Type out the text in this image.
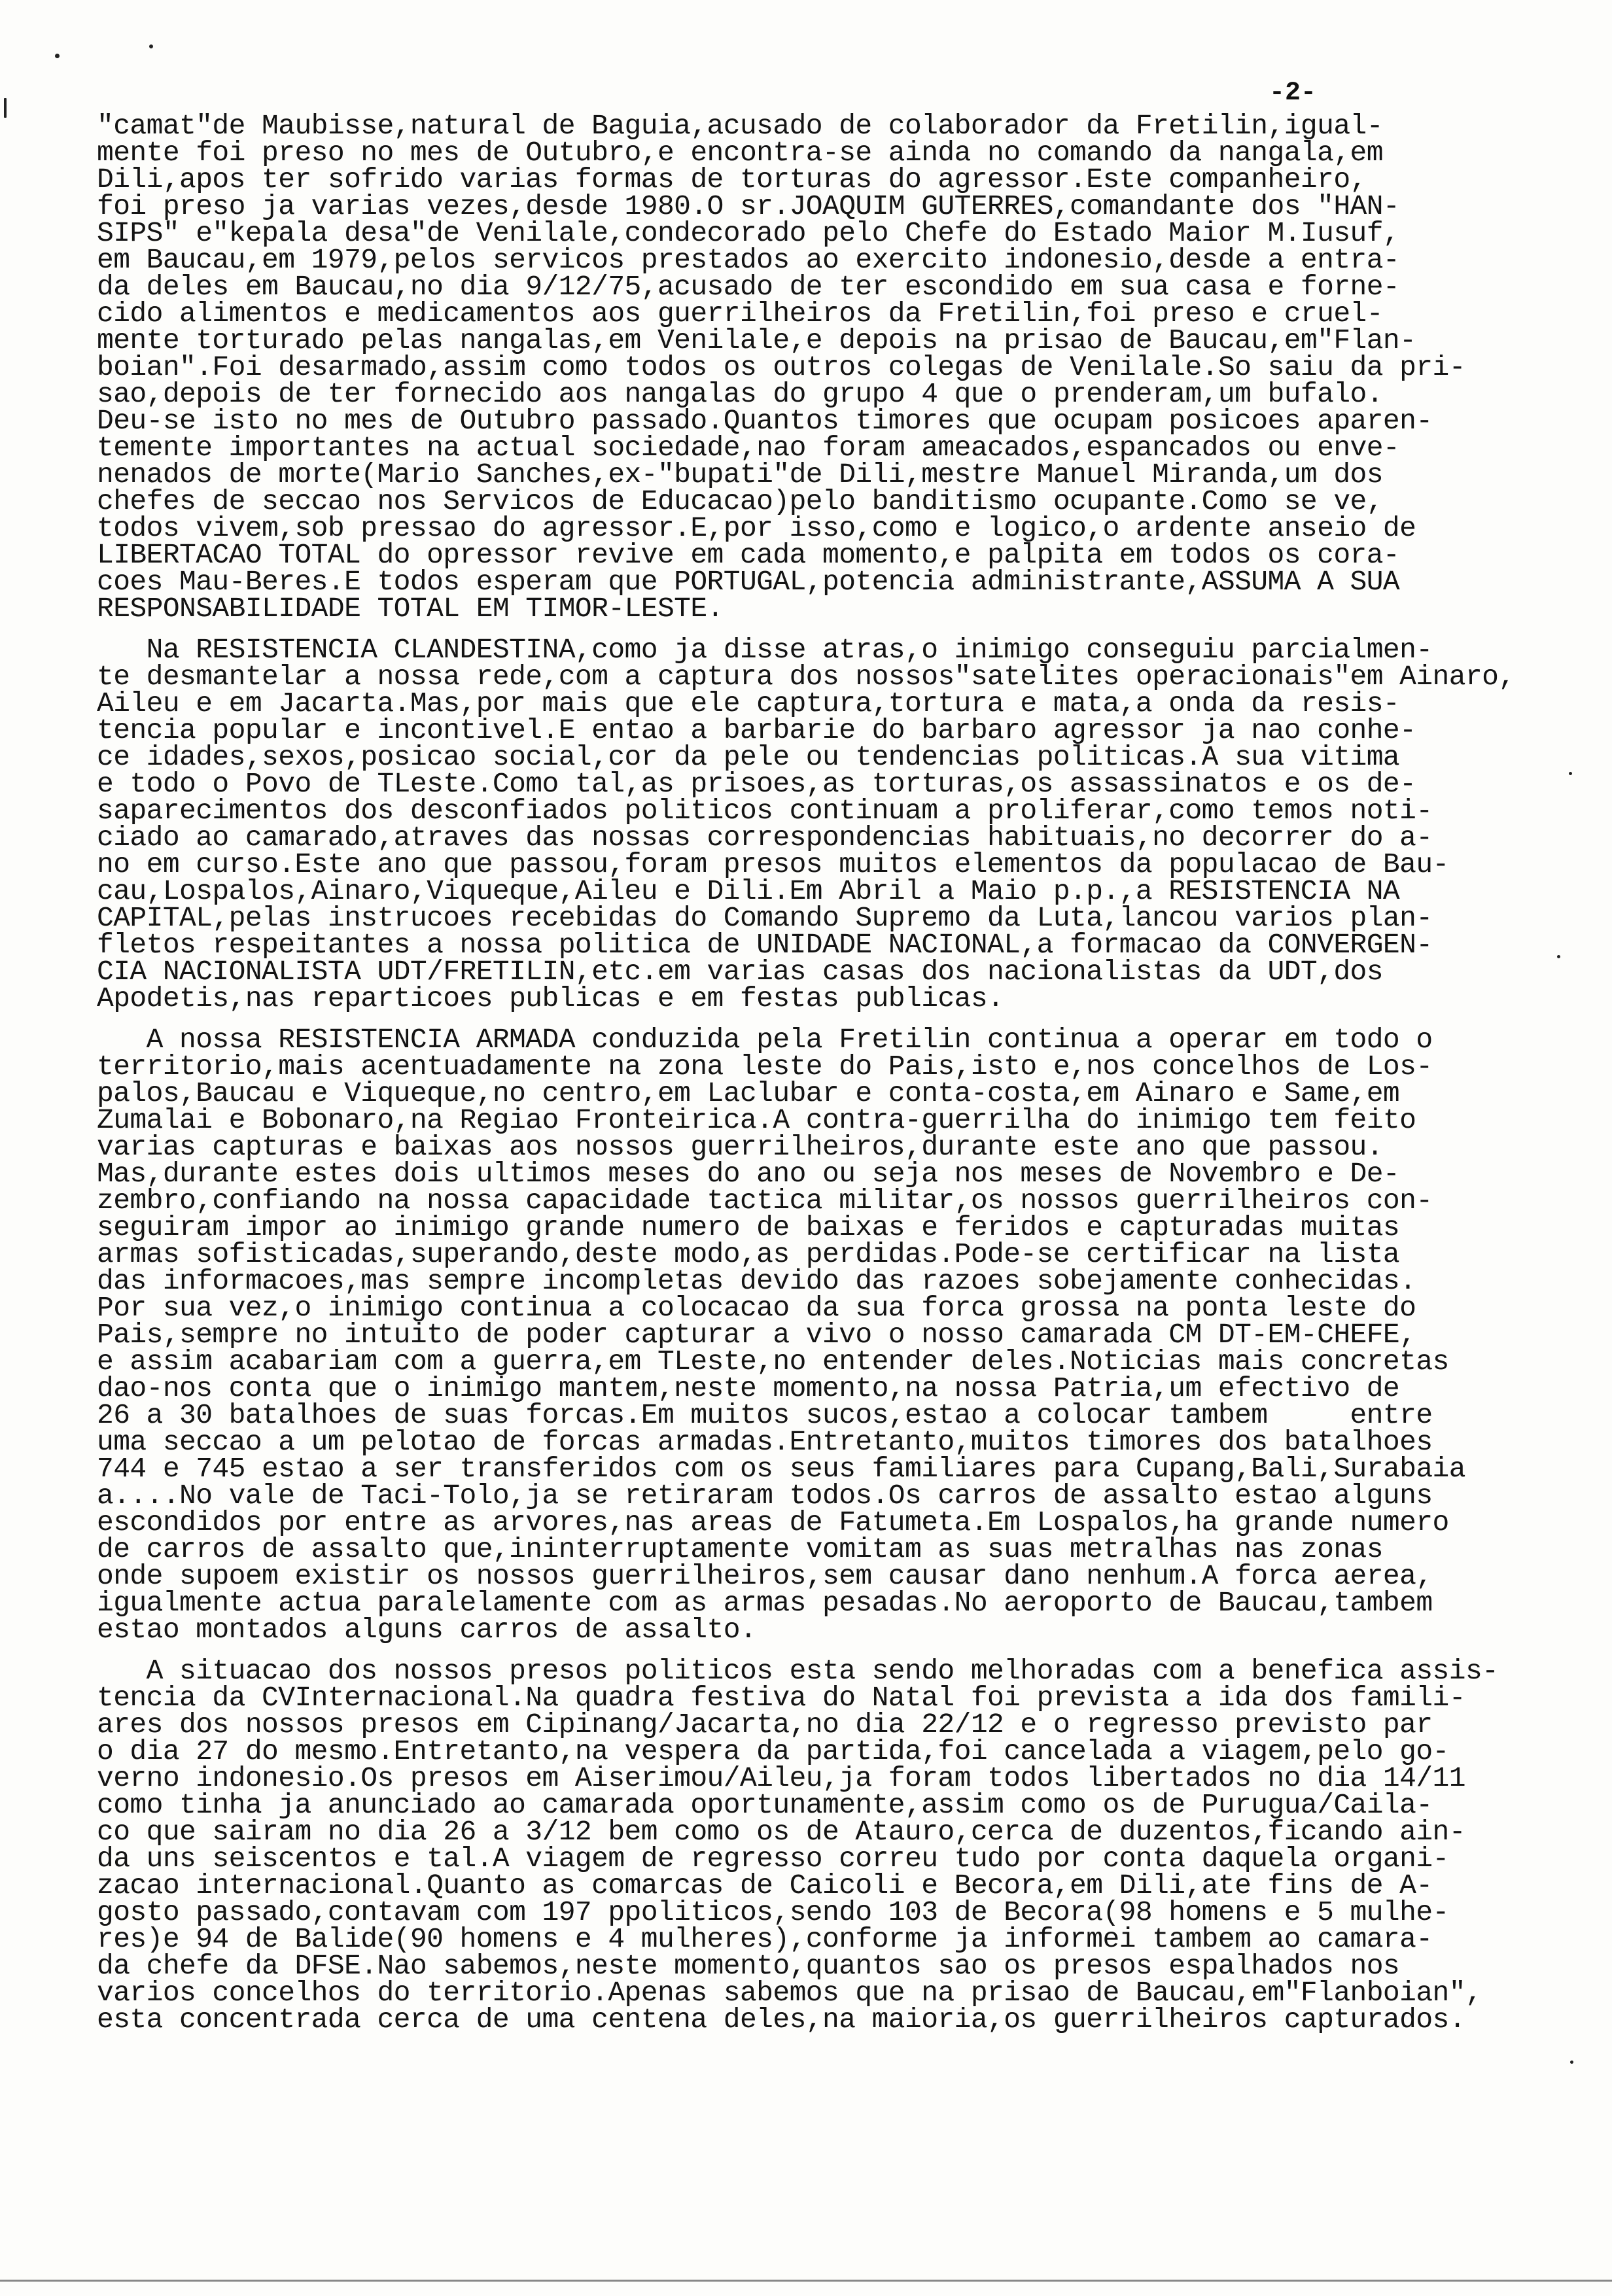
-2-
"camat"de Maubisse,natural de Baguia,acusado de colaborador da Fretilin,igual-
mente foi preso no mes de Outubro,e encontra-se ainda no comando da nangala,em
Dili,apos ter sofrido varias formas de torturas do agressor.Este companheiro,
foi preso ja varias vezes,desde 1980.O sr.JOAQUIM GUTERRES,comandante dos "HAN-
SIPS" e"kepala desa"de Venilale,condecorado pelo Chefe do Estado Maior M.Iusuf,
em Baucau,em 1979,pelos servicos prestados ao exercito indonesio,desde a entra-
da deles em Baucau,no dia 9/12/75,acusado de ter escondido em sua casa e forne-
cido alimentos e medicamentos aos guerrilheiros da Fretilin,foi preso e cruel-
mente torturado pelas nangalas,em Venilale,e depois na prisao de Baucau,em"Flan-
boian".Foi desarmado,assim como todos os outros colegas de Venilale.So saiu da pri-
sao,depois de ter fornecido aos nangalas do grupo 4 que o prenderam,um bufalo.
Deu-se isto no mes de Outubro passado.Quantos timores que ocupam posicoes aparen-
temente importantes na actual sociedade,nao foram ameacados,espancados ou enve-
nenados de morte(Mario Sanches,ex-"bupati"de Dili,mestre Manuel Miranda,um dos
chefes de seccao nos Servicos de Educacao)pelo banditismo ocupante.Como se ve,
todos vivem,sob pressao do agressor.E,por isso,como e logico,o ardente anseio de
LIBERTACAO TOTAL do opressor revive em cada momento,e palpita em todos os cora-
coes Mau-Beres.E todos esperam que PORTUGAL,potencia administrante,ASSUMA A SUA
RESPONSABILIDADE TOTAL EM TIMOR-LESTE.
Na RESISTENCIA CLANDESTINA,como ja disse atras,o inimigo conseguiu parcialmen-
te desmantelar a nossa rede,com a captura dos nossos"satelites operacionais"em Ainaro,
Aileu e em Jacarta.Mas,por mais que ele captura,tortura e mata,a onda da resis-
tencia popular e incontivel.E entao a barbarie do barbaro agressor ja nao conhe-
ce idades,sexos,posicao social,cor da pele ou tendencias politicas.A sua vitima
e todo o Povo de TLeste.Como tal,as prisoes,as torturas,os assassinatos e os de-
saparecimentos dos desconfiados politicos continuam a proliferar,como temos noti-
ciado ao camarado,atraves das nossas correspondencias habituais,no decorrer do a-
no em curso.Este ano que passou,foram presos muitos elementos da populacao de Bau-
cau,Lospalos,Ainaro,Viqueque,Aileu e Dili.Em Abril a Maio p.p.,a RESISTENCIA NA
CAPITAL,pelas instrucoes recebidas do Comando Supremo da Luta,lancou varios plan-
fletos respeitantes a nossa politica de UNIDADE NACIONAL,a formacao da CONVERGEN-
CIA NACIONALISTA UDT/FRETILIN,etc.em varias casas dos nacionalistas da UDT,dos
Apodetis,nas reparticoes publicas e em festas publicas.
A nossa RESISTENCIA ARMADA conduzida pela Fretilin continua a operar em todo o
territorio,mais acentuadamente na zona leste do Pais,isto e,nos concelhos de Los-
palos,Baucau e Viqueque,no centro,em Laclubar e conta-costa,em Ainaro e Same,em
Zumalai e Bobonaro,na Regiao Fronteirica.A contra-guerrilha do inimigo tem feito
varias capturas e baixas aos nossos guerrilheiros,durante este ano que passou.
Mas,durante estes dois ultimos meses do ano ou seja nos meses de Novembro e De-
zembro,confiando na nossa capacidade tactica militar,os nossos guerrilheiros con-
seguiram impor ao inimigo grande numero de baixas e feridos e capturadas muitas
armas sofisticadas,superando,deste modo,as perdidas.Pode-se certificar na lista
das informacoes,mas sempre incompletas devido das razoes sobejamente conhecidas.
Por sua vez,o inimigo continua a colocacao da sua forca grossa na ponta leste do
Pais,sempre no intuito de poder capturar a vivo o nosso camarada CM DT-EM-CHEFE,
e assim acabariam com a guerra,em TLeste,no entender deles.Noticias mais concretas
dao-nos conta que o inimigo mantem,neste momento,na nossa Patria,um efectivo de
26 a 30 batalhoes de suas forcas.Em muitos sucos,estao a colocar tambem     entre
uma seccao a um pelotao de forcas armadas.Entretanto,muitos timores dos batalhoes
744 e 745 estao a ser transferidos com os seus familiares para Cupang,Bali,Surabaia
a....No vale de Taci-Tolo,ja se retiraram todos.Os carros de assalto estao alguns
escondidos por entre as arvores,nas areas de Fatumeta.Em Lospalos,ha grande numero
de carros de assalto que,ininterruptamente vomitam as suas metralhas nas zonas
onde supoem existir os nossos guerrilheiros,sem causar dano nenhum.A forca aerea,
igualmente actua paralelamente com as armas pesadas.No aeroporto de Baucau,tambem
estao montados alguns carros de assalto.
A situacao dos nossos presos politicos esta sendo melhoradas com a benefica assis-
tencia da CVInternacional.Na quadra festiva do Natal foi prevista a ida dos famili-
ares dos nossos presos em Cipinang/Jacarta,no dia 22/12 e o regresso previsto par
o dia 27 do mesmo.Entretanto,na vespera da partida,foi cancelada a viagem,pelo go-
verno indonesio.Os presos em Aiserimou/Aileu,ja foram todos libertados no dia 14/11
como tinha ja anunciado ao camarada oportunamente,assim como os de Purugua/Caila-
co que sairam no dia 26 a 3/12 bem como os de Atauro,cerca de duzentos,ficando ain-
da uns seiscentos e tal.A viagem de regresso correu tudo por conta daquela organi-
zacao internacional.Quanto as comarcas de Caicoli e Becora,em Dili,ate fins de A-
gosto passado,contavam com 197 ppoliticos,sendo 103 de Becora(98 homens e 5 mulhe-
res)e 94 de Balide(90 homens e 4 mulheres),conforme ja informei tambem ao camara-
da chefe da DFSE.Nao sabemos,neste momento,quantos sao os presos espalhados nos
varios concelhos do territorio.Apenas sabemos que na prisao de Baucau,em"Flanboian",
esta concentrada cerca de uma centena deles,na maioria,os guerrilheiros capturados.
